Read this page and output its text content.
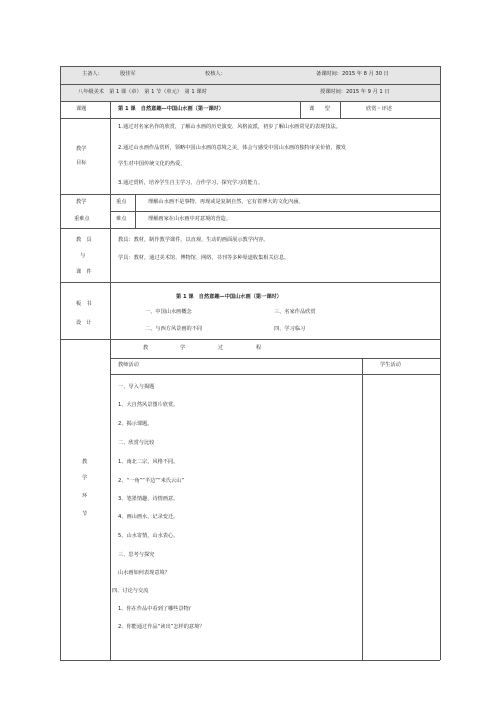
主备人：	殷佳军	校核人：	备课时间：2015 年 8 月 30 日
八年级美术　第 1 课（章）　第 1 节（单元）　第 1 课时	授课时间：2015 年 9 月 1 日
课题	第 1 课　自然意趣—中国山水画（第一课时）	课　　型	欣赏・评述
教学
目标
1.通过对名家名作的欣赏，了解山水画的历史演变、风格流派，初步了解山水画常见的表现技法。
2.通过山水画作品赏析，领略中国山水画的意境之美，体会与感受中国山水画的独特审美价值，激发
学生对中国传统文化的热爱。
3.通过赏析，培养学生自主学习、合作学习、探究学习的能力。
教学
重难点
重点	理解山水画不是事物、再现或是复制自然，它有着博大的文化内涵。
难点	理解画家在山水画中对意境的营造。
教　具
与
课　件
教具：教材，制作教学课件，以直观、生动的画面展示教学内容。
学具：教材，通过美术馆、博物馆、网络、书刊等多种渠道收集相关信息。
板　书
设　计
第 1 课　自然意趣—中国山水画（第一课时）
一、中国山水画概念	三、名家作品欣赏
二、与西方风景画的不同	四、学习临习
教
学
环
节
教	学	过	程
教师活动	学生活动
一、导入与揭题
1、大自然风景图片欣赏。
2、揭示课题。
二、欣赏与比较
1、南北二宗，风格不同。
2、“一角”“半边”“米氏云山”
3、笔墨情趣，诗情画意。
4、画山画水，记录变迁。
5、山水寄情，山水表心。
三、思考与探究
山水画如何表现意境？
四、讨论与交流
1、你在作品中看到了哪些景物/
2、你能通过作品“读出”怎样的意境？
